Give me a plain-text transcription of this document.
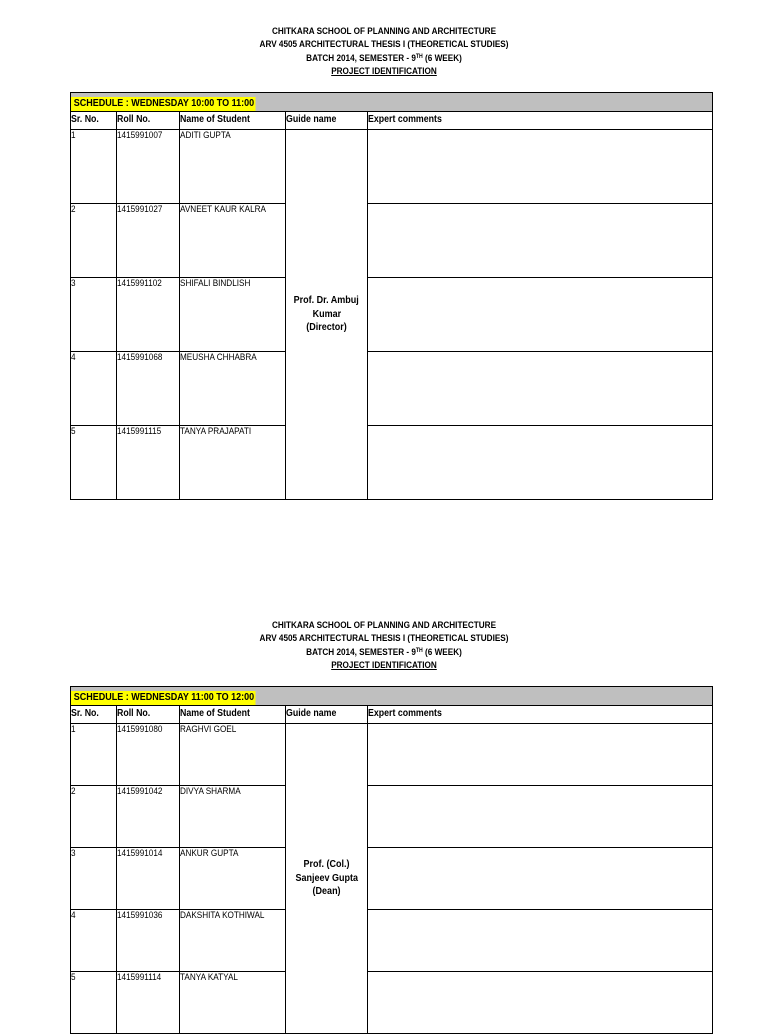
CHITKARA SCHOOL OF PLANNING AND ARCHITECTURE
ARV 4505 ARCHITECTURAL THESIS I (THEORETICAL STUDIES)
BATCH 2014, SEMESTER - 9TH (6 WEEK)
PROJECT IDENTIFICATION
SCHEDULE : WEDNESDAY 10:00 TO 11:00				
Sr. No.	Roll No.	Name of Student	Guide name	Expert comments
1	1415991007	ADITI GUPTA	Prof. Dr. Ambuj
Kumar
(Director)	
2	1415991027	AVNEET KAUR KALRA		
3	1415991102	SHIFALI BINDLISH		
4	1415991068	MEUSHA CHHABRA		
5	1415991115	TANYA PRAJAPATI		
CHITKARA SCHOOL OF PLANNING AND ARCHITECTURE
ARV 4505 ARCHITECTURAL THESIS I (THEORETICAL STUDIES)
BATCH 2014, SEMESTER - 9TH (6 WEEK)
PROJECT IDENTIFICATION
SCHEDULE : WEDNESDAY 11:00 TO 12:00				
Sr. No.	Roll No.	Name of Student	Guide name	Expert comments
1	1415991080	RAGHVI GOEL	Prof. (Col.)
Sanjeev Gupta
(Dean)	
2	1415991042	DIVYA SHARMA		
3	1415991014	ANKUR GUPTA		
4	1415991036	DAKSHITA KOTHIWAL		
5	1415991114	TANYA KATYAL		
